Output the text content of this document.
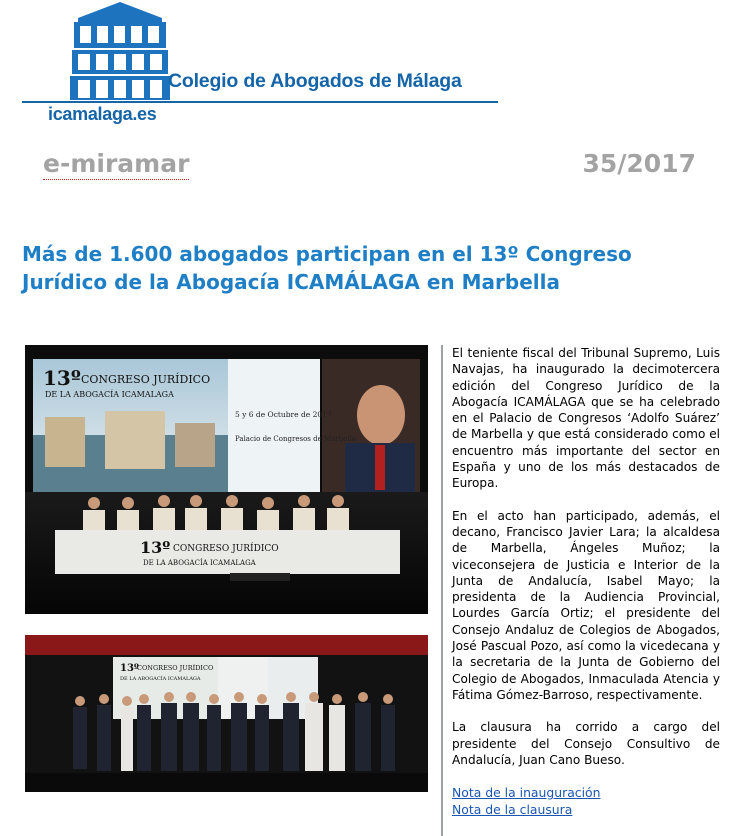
Colegio de Abogados de Málaga
icamalaga.es
e-miramar	35/2017
Más de 1.600 abogados participan en el 13º Congreso Jurídico de la Abogacía ICAMÁLAGA en Marbella
13º CONGRESO JURÍDICO
DE LA ABOGACÍA ICAMALAGA
5 y 6 de Octubre de 2017
Palacio de Congresos de Marbella
13º CONGRESO JURÍDICO
DE LA ABOGACÍA ICAMALAGA
13º
CONGRESO JURÍDICO
DE LA ABOGACÍA ICAMALAGA

El teniente fiscal del Tribunal Supremo, Luis Navajas, ha inaugurado la decimotercera edición del Congreso Jurídico de la Abogacía ICAMÁLAGA que se ha celebrado en el Palacio de Congresos ‘Adolfo Suárez’ de Marbella y que está considerado como el encuentro más importante del sector en España y uno de los más destacados de Europa.

En el acto han participado, además, el decano, Francisco Javier Lara; la alcaldesa de Marbella, Ángeles Muñoz; la viceconsejera de Justicia e Interior de la Junta de Andalucía, Isabel Mayo; la presidenta de la Audiencia Provincial, Lourdes García Ortiz; el presidente del Consejo Andaluz de Colegios de Abogados, José Pascual Pozo, así como la vicedecana y la secretaria de la Junta de Gobierno del Colegio de Abogados, Inmaculada Atencia y Fátima Gómez-Barroso, respectivamente.

La clausura ha corrido a cargo del presidente del Consejo Consultivo de Andalucía, Juan Cano Bueso.

Nota de la inauguración
Nota de la clausura
